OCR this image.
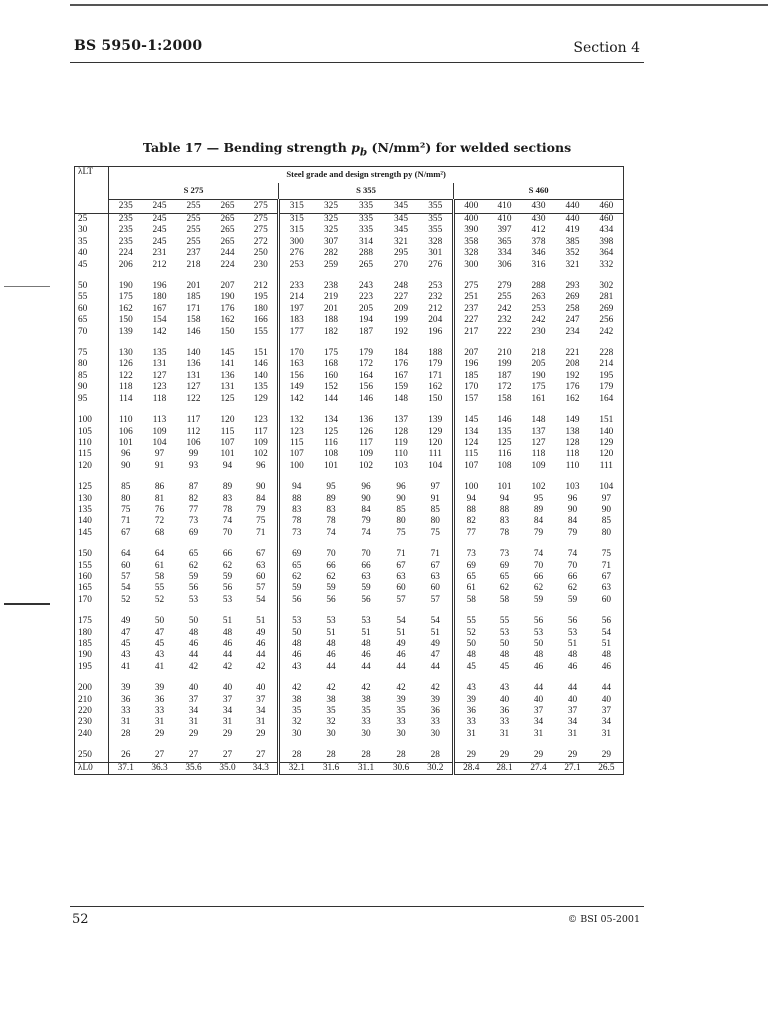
BS 5950-1:2000	Section 4
Table 17 — Bending strength $p_b$ (N/mm²) for welded sections
λLT	Steel grade and design strength py (N/mm²)														
	S 275					S 355					S 460				
	235	245	255	265	275	315	325	335	345	355	400	410	430	440	460
25	235	245	255	265	275	315	325	335	345	355	400	410	430	440	460
30	235	245	255	265	275	315	325	335	345	355	390	397	412	419	434
35	235	245	255	265	272	300	307	314	321	328	358	365	378	385	398
40	224	231	237	244	250	276	282	288	295	301	328	334	346	352	364
45	206	212	218	224	230	253	259	265	270	276	300	306	316	321	332
50	190	196	201	207	212	233	238	243	248	253	275	279	288	293	302
55	175	180	185	190	195	214	219	223	227	232	251	255	263	269	281
60	162	167	171	176	180	197	201	205	209	212	237	242	253	258	269
65	150	154	158	162	166	183	188	194	199	204	227	232	242	247	256
70	139	142	146	150	155	177	182	187	192	196	217	222	230	234	242
75	130	135	140	145	151	170	175	179	184	188	207	210	218	221	228
80	126	131	136	141	146	163	168	172	176	179	196	199	205	208	214
85	122	127	131	136	140	156	160	164	167	171	185	187	190	192	195
90	118	123	127	131	135	149	152	156	159	162	170	172	175	176	179
95	114	118	122	125	129	142	144	146	148	150	157	158	161	162	164
100	110	113	117	120	123	132	134	136	137	139	145	146	148	149	151
105	106	109	112	115	117	123	125	126	128	129	134	135	137	138	140
110	101	104	106	107	109	115	116	117	119	120	124	125	127	128	129
115	96	97	99	101	102	107	108	109	110	111	115	116	118	118	120
120	90	91	93	94	96	100	101	102	103	104	107	108	109	110	111
125	85	86	87	89	90	94	95	96	96	97	100	101	102	103	104
130	80	81	82	83	84	88	89	90	90	91	94	94	95	96	97
135	75	76	77	78	79	83	83	84	85	85	88	88	89	90	90
140	71	72	73	74	75	78	78	79	80	80	82	83	84	84	85
145	67	68	69	70	71	73	74	74	75	75	77	78	79	79	80
150	64	64	65	66	67	69	70	70	71	71	73	73	74	74	75
155	60	61	62	62	63	65	66	66	67	67	69	69	70	70	71
160	57	58	59	59	60	62	62	63	63	63	65	65	66	66	67
165	54	55	56	56	57	59	59	59	60	60	61	62	62	62	63
170	52	52	53	53	54	56	56	56	57	57	58	58	59	59	60
175	49	50	50	51	51	53	53	53	54	54	55	55	56	56	56
180	47	47	48	48	49	50	51	51	51	51	52	53	53	53	54
185	45	45	46	46	46	48	48	48	49	49	50	50	50	51	51
190	43	43	44	44	44	46	46	46	46	47	48	48	48	48	48
195	41	41	42	42	42	43	44	44	44	44	45	45	46	46	46
200	39	39	40	40	40	42	42	42	42	42	43	43	44	44	44
210	36	36	37	37	37	38	38	38	39	39	39	40	40	40	40
220	33	33	34	34	34	35	35	35	35	36	36	36	37	37	37
230	31	31	31	31	31	32	32	33	33	33	33	33	34	34	34
240	28	29	29	29	29	30	30	30	30	30	31	31	31	31	31
250	26	27	27	27	27	28	28	28	28	28	29	29	29	29	29
λL0	37.1	36.3	35.6	35.0	34.3	32.1	31.6	31.1	30.6	30.2	28.4	28.1	27.4	27.1	26.5
52	© BSI 05-2001
